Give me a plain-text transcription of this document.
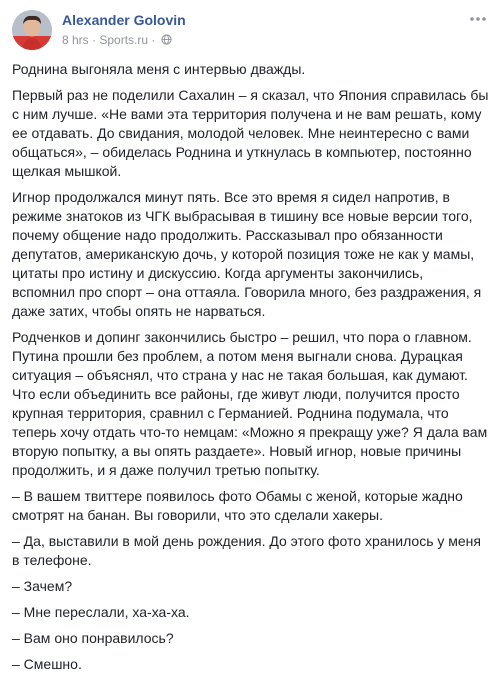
Alexander Golovin
8 hrs · Sports.ru ·

Роднина выгоняла меня с интервью дважды.

Первый раз не поделили Сахалин – я сказал, что Япония справилась бы с ним лучше. «Не вами эта территория получена и не вам решать, кому ее отдавать. До свидания, молодой человек. Мне неинтересно с вами общаться», – обиделась Роднина и уткнулась в компьютер, постоянно щелкая мышкой.

Игнор продолжался минут пять. Все это время я сидел напротив, в режиме знатоков из ЧГК выбрасывая в тишину все новые версии того, почему общение надо продолжить. Рассказывал про обязанности депутатов, американскую дочь, у которой позиция тоже не как у мамы, цитаты про истину и дискуссию. Когда аргументы закончились, вспомнил про спорт – она оттаяла. Говорила много, без раздражения, я даже затих, чтобы опять не нарваться.

Родченков и допинг закончились быстро – решил, что пора о главном. Путина прошли без проблем, а потом меня выгнали снова. Дурацкая ситуация – объяснял, что страна у нас не такая большая, как думают. Что если объединить все районы, где живут люди, получится просто крупная территория, сравнил с Германией. Роднина подумала, что теперь хочу отдать что-то немцам: «Можно я прекращу уже? Я дала вам вторую попытку, а вы опять раздаете». Новый игнор, новые причины продолжить, и я даже получил третью попытку.

– В вашем твиттере появилось фото Обамы с женой, которые жадно смотрят на банан. Вы говорили, что это сделали хакеры.

– Да, выставили в мой день рождения. До этого фото хранилось у меня в телефоне.

– Зачем?

– Мне переслали, ха-ха-ха.

– Вам оно понравилось?

– Смешно.
